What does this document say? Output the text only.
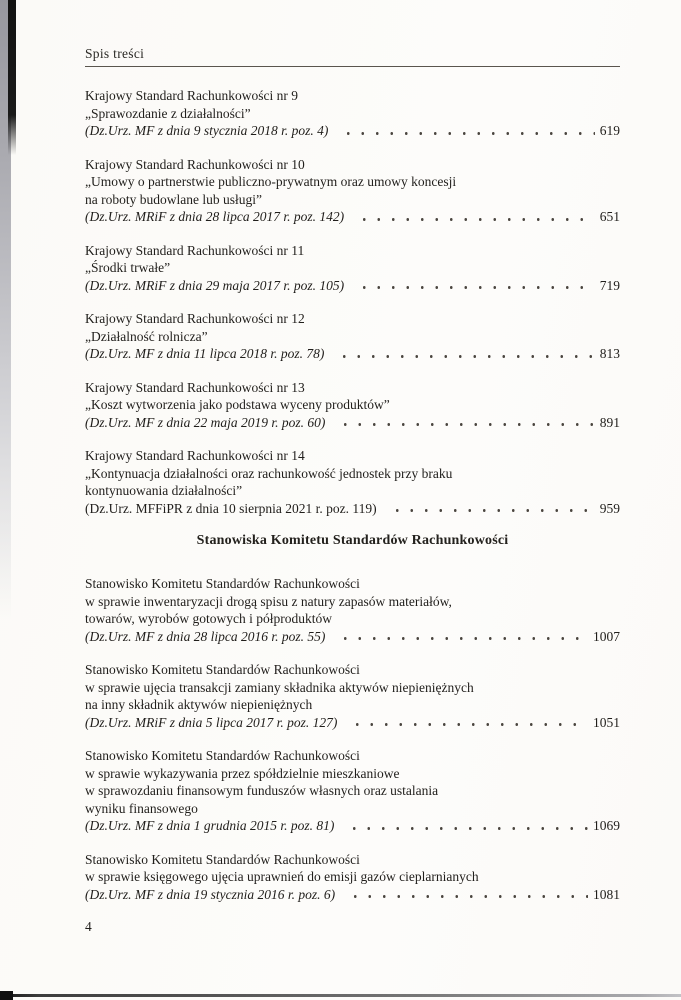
Spis treści
Krajowy Standard Rachunkowości nr 9
„Sprawozdanie z działalności”
(Dz.Urz. MF z dnia 9 stycznia 2018 r. poz. 4)	619
Krajowy Standard Rachunkowości nr 10
„Umowy o partnerstwie publiczno-prywatnym oraz umowy koncesji
na roboty budowlane lub usługi”
(Dz.Urz. MRiF z dnia 28 lipca 2017 r. poz. 142)	651
Krajowy Standard Rachunkowości nr 11
„Środki trwałe”
(Dz.Urz. MRiF z dnia 29 maja 2017 r. poz. 105)	719
Krajowy Standard Rachunkowości nr 12
„Działalność rolnicza”
(Dz.Urz. MF z dnia 11 lipca 2018 r. poz. 78)	813
Krajowy Standard Rachunkowości nr 13
„Koszt wytworzenia jako podstawa wyceny produktów”
(Dz.Urz. MF z dnia 22 maja 2019 r. poz. 60)	891
Krajowy Standard Rachunkowości nr 14
„Kontynuacja działalności oraz rachunkowość jednostek przy braku
kontynuowania działalności”
(Dz.Urz. MFFiPR z dnia 10 sierpnia 2021 r. poz. 119)	959
Stanowiska Komitetu Standardów Rachunkowości
Stanowisko Komitetu Standardów Rachunkowości
w sprawie inwentaryzacji drogą spisu z natury zapasów materiałów,
towarów, wyrobów gotowych i półproduktów
(Dz.Urz. MF z dnia 28 lipca 2016 r. poz. 55)	1007
Stanowisko Komitetu Standardów Rachunkowości
w sprawie ujęcia transakcji zamiany składnika aktywów niepieniężnych
na inny składnik aktywów niepieniężnych
(Dz.Urz. MRiF z dnia 5 lipca 2017 r. poz. 127)	1051
Stanowisko Komitetu Standardów Rachunkowości
w sprawie wykazywania przez spółdzielnie mieszkaniowe
w sprawozdaniu finansowym funduszów własnych oraz ustalania
wyniku finansowego
(Dz.Urz. MF z dnia 1 grudnia 2015 r. poz. 81)	1069
Stanowisko Komitetu Standardów Rachunkowości
w sprawie księgowego ujęcia uprawnień do emisji gazów cieplarnianych
(Dz.Urz. MF z dnia 19 stycznia 2016 r. poz. 6)	1081
4
